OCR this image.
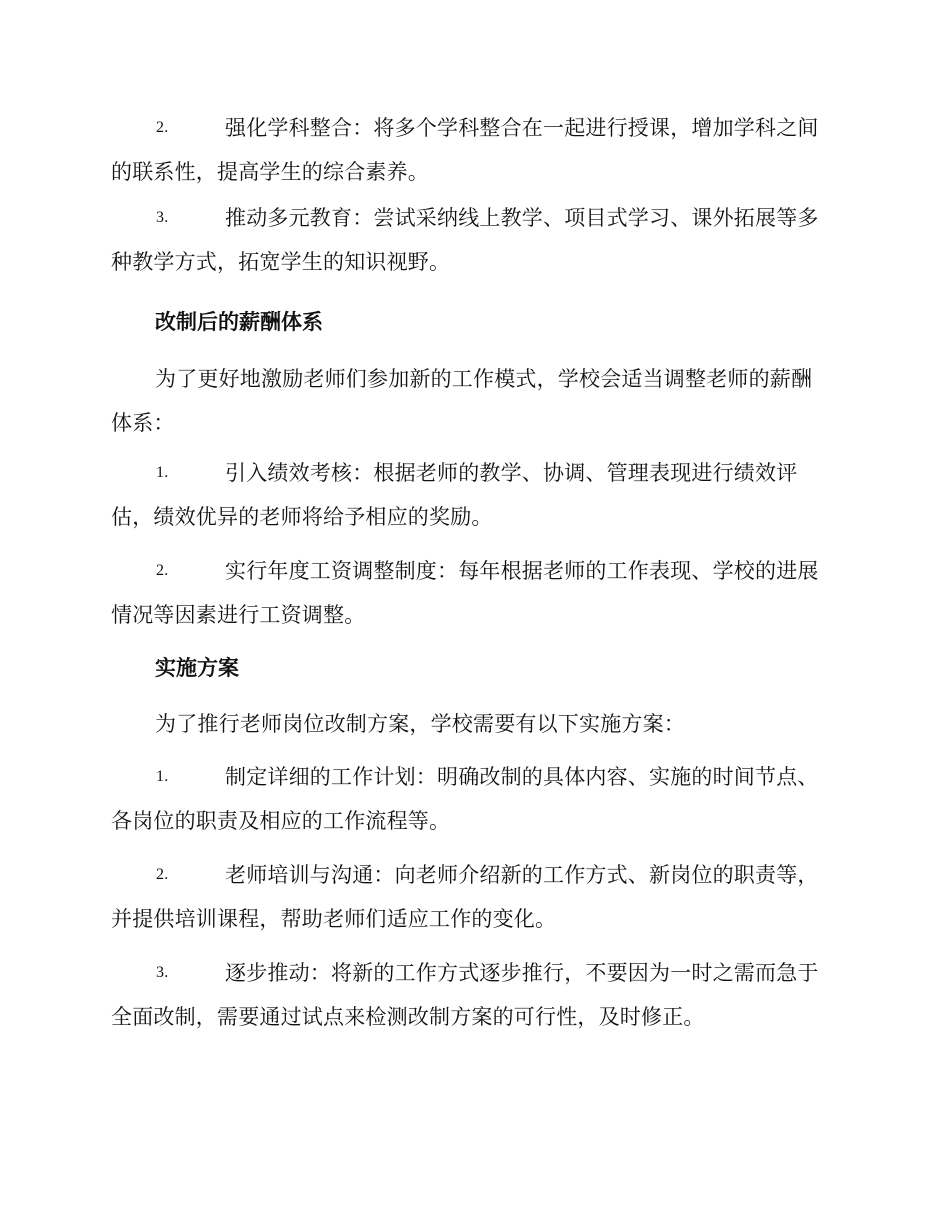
2.	强化学科整合：将多个学科整合在一起进行授课，增加学科之间的联系性，提高学生的综合素养。

3.	推动多元教育：尝试采纳线上教学、项目式学习、课外拓展等多种教学方式，拓宽学生的知识视野。

改制后的薪酬体系

为了更好地激励老师们参加新的工作模式，学校会适当调整老师的薪酬体系：

1.	引入绩效考核：根据老师的教学、协调、管理表现进行绩效评估，绩效优异的老师将给予相应的奖励。

2.	实行年度工资调整制度：每年根据老师的工作表现、学校的进展情况等因素进行工资调整。

实施方案

为了推行老师岗位改制方案，学校需要有以下实施方案：

1.	制定详细的工作计划：明确改制的具体内容、实施的时间节点、各岗位的职责及相应的工作流程等。

2.	老师培训与沟通：向老师介绍新的工作方式、新岗位的职责等，并提供培训课程，帮助老师们适应工作的变化。

3.	逐步推动：将新的工作方式逐步推行，不要因为一时之需而急于全面改制，需要通过试点来检测改制方案的可行性，及时修正。
